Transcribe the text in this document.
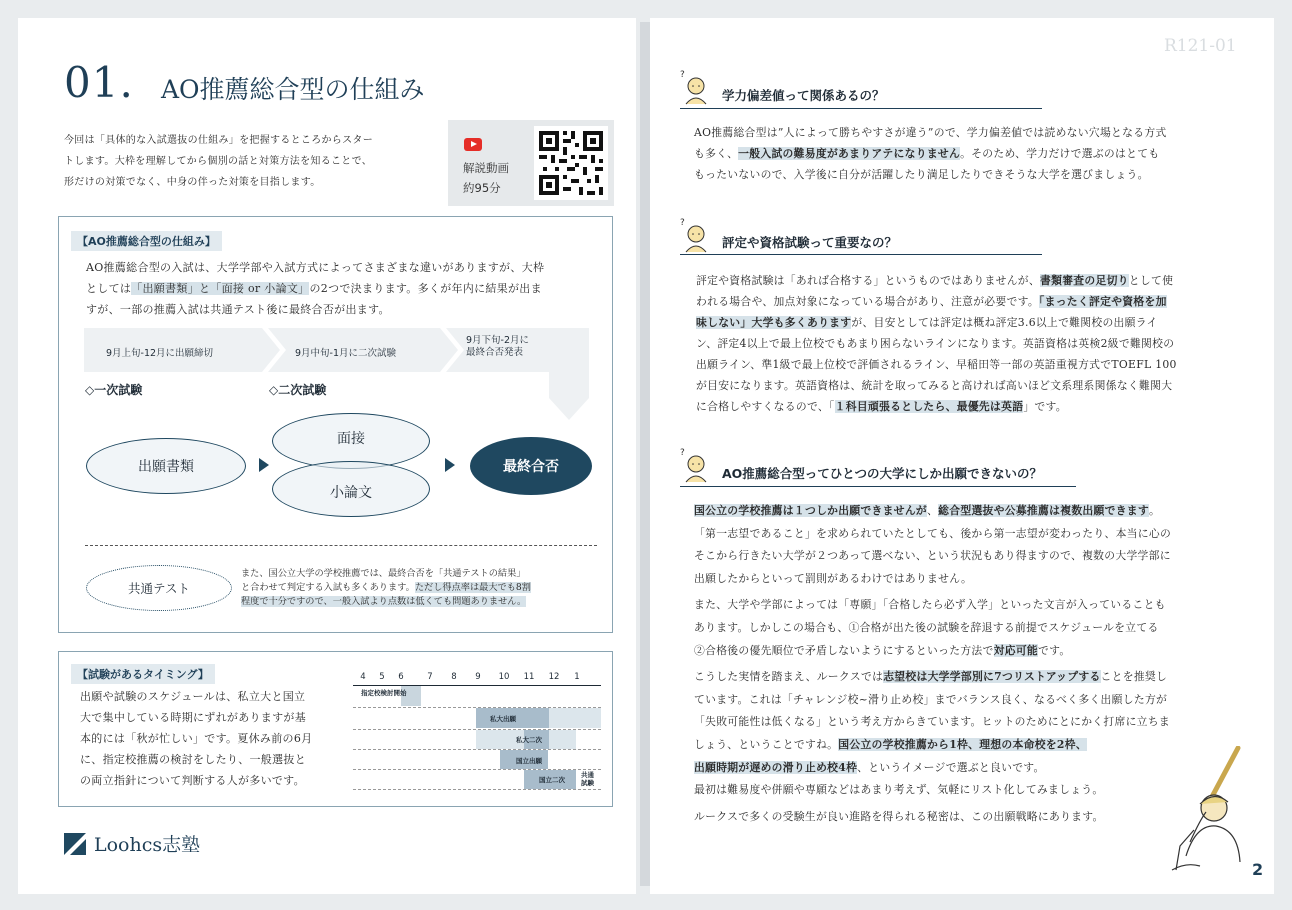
01. AO推薦総合型の仕組み
今回は「具体的な入試選抜の仕組み」を把握するところからスター
トします。大枠を理解してから個別の話と対策方法を知ることで、
形だけの対策でなく、中身の伴った対策を目指します。
解説動画
約95分
【AO推薦総合型の仕組み】
AO推薦総合型の入試は、大学学部や入試方式によってさまざまな違いがありますが、大枠
としては「出願書類」と「面接 or 小論文」の2つで決まります。多くが年内に結果が出ま
すが、一部の推薦入試は共通テスト後に最終合否が出ます。
9月上旬-12月に出願締切	9月中旬-1月に二次試験
9月下旬-2月に
最終合否発表
◇一次試験	◇二次試験
出願書類
面接
小論文
最終合否
共通テスト
また、国公立大学の学校推薦では、最終合否を「共通テストの結果」
と合わせて判定する入試も多くあります。ただし得点率は最大でも8割
程度で十分ですので、一般入試より点数は低くても問題ありません。
【試験があるタイミング】
出願や試験のスケジュールは、私立大と国立
大で集中している時期にずれがありますが基
本的には「秋が忙しい」です。夏休み前の6月
に、指定校推薦の検討をしたり、一般選抜と
の両立指針について判断する人が多いです。
4	5	6	7	8	9	10	11	12	1
指定校検討開始
私大出願
私大二次
国立出願
国立二次
共通
試験
Loohcs志塾
R121-01
?
学力偏差値って関係あるの？
AO推薦総合型は”人によって勝ちやすさが違う”ので、学力偏差値では読めない穴場となる方式
も多く、一般入試の難易度があまりアテになりません。そのため、学力だけで選ぶのはとても
もったいないので、入学後に自分が活躍したり満足したりできそうな大学を選びましょう。
?
評定や資格試験って重要なの？
評定や資格試験は「あれば合格する」というものではありませんが、書類審査の足切りとして使
われる場合や、加点対象になっている場合があり、注意が必要です。「まったく評定や資格を加
味しない」大学も多くありますが、目安としては評定は概ね評定3.6以上で難関校の出願ライ
ン、評定4以上で最上位校でもあまり困らないラインになります。英語資格は英検2級で難関校の
出願ライン、準1級で最上位校で評価されるライン、早稲田等一部の英語重視方式でTOEFL 100
が目安になります。英語資格は、統計を取ってみると高ければ高いほど文系理系関係なく難関大
に合格しやすくなるので、「１科目頑張るとしたら、最優先は英語」です。
?
AO推薦総合型ってひとつの大学にしか出願できないの？
国公立の学校推薦は１つしか出願できませんが、総合型選抜や公募推薦は複数出願できます。
「第一志望であること」を求められていたとしても、後から第一志望が変わったり、本当に心の
そこから行きたい大学が２つあって選べない、という状況もあり得ますので、複数の大学学部に
出願したからといって罰則があるわけではありません。
また、大学や学部によっては「専願」「合格したら必ず入学」といった文言が入っていることも
あります。しかしこの場合も、①合格が出た後の試験を辞退する前提でスケジュールを立てる
②合格後の優先順位で矛盾しないようにするといった方法で対応可能です。
こうした実情を踏まえ、ルークスでは志望校は大学学部別に7つリストアップすることを推奨し
ています。これは「チャレンジ校~滑り止め校」までバランス良く、なるべく多く出願した方が
「失敗可能性は低くなる」という考え方からきています。ヒットのためにとにかく打席に立ちま
しょう、ということですね。国公立の学校推薦から1枠、理想の本命校を2枠、
出願時期が遅めの滑り止め校4枠、というイメージで選ぶと良いです。
最初は難易度や併願や専願などはあまり考えず、気軽にリスト化してみましょう。
ルークスで多くの受験生が良い進路を得られる秘密は、この出願戦略にあります。
2
